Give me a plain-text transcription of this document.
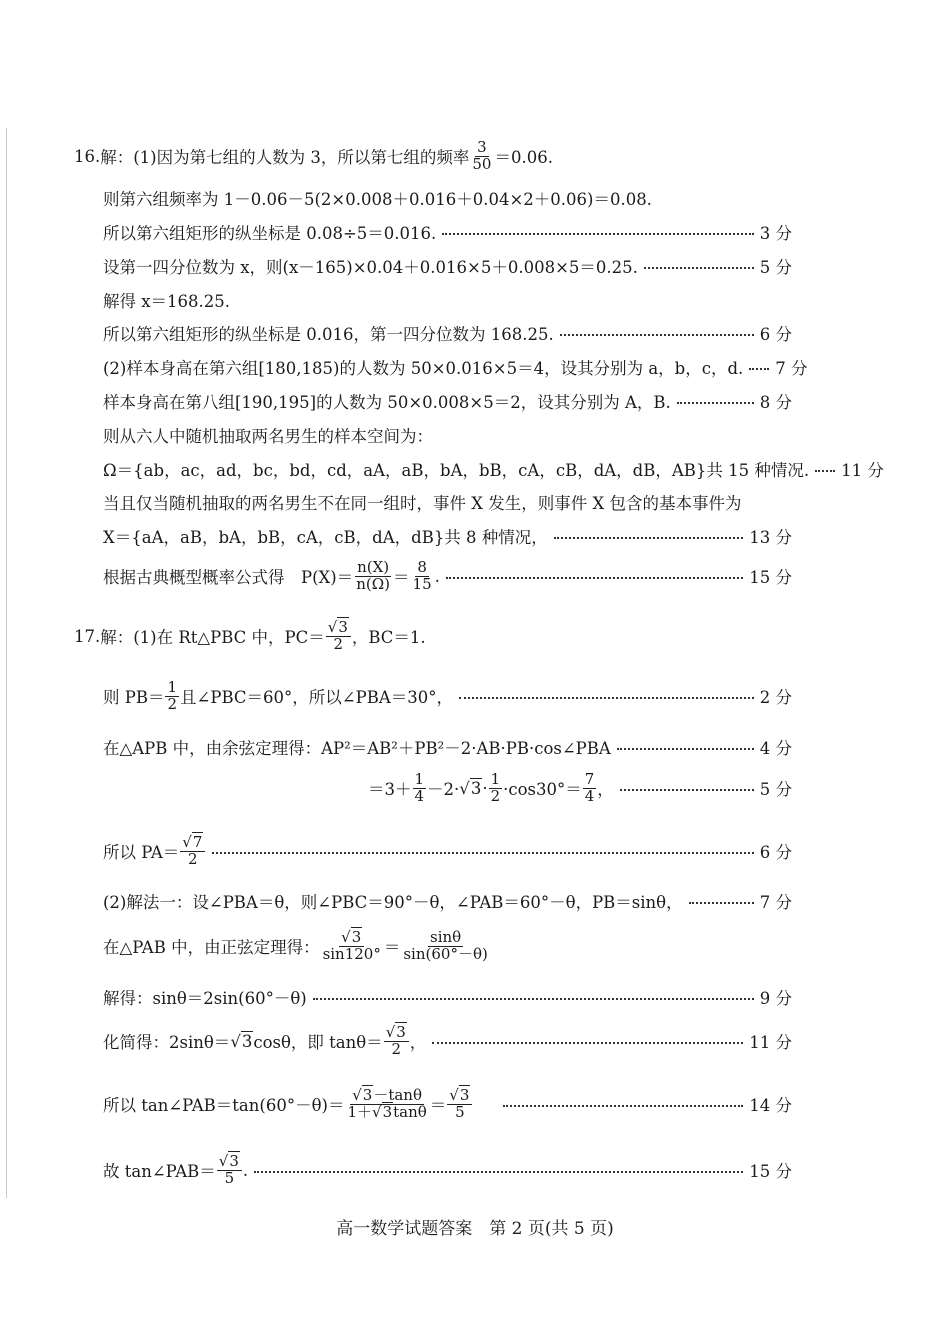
16. 解：(1)因为第七组的人数为 3，所以第七组的频率 $\frac{3}{50} =0.06$.
则第六组频率为 1－0.06－5(2×0.008＋0.016＋0.04×2＋0.06)＝0.08.
所以第六组矩形的纵坐标是 0.08÷5＝0.016.	3 分
设第一四分位数为 x，则(x－165)×0.04＋0.016×5＋0.008×5＝0.25.	5 分
解得 x＝168.25.
所以第六组矩形的纵坐标是 0.016，第一四分位数为 168.25.	6 分
(2)样本身高在第六组[180,185)的人数为 50×0.016×5＝4，设其分别为 a，b，c，d. 7 分
样本身高在第八组[190,195]的人数为 50×0.008×5＝2，设其分别为 A，B.	8 分
则从六人中随机抽取两名男生的样本空间为：
Ω＝{ab，ac，ad，bc，bd，cd，aA，aB，bA，bB，cA，cB，dA，dB，AB}共 15 种情况. 11 分
当且仅当随机抽取的两名男生不在同一组时，事件 X 发生，则事件 X 包含的基本事件为
X＝{aA，aB，bA，bB，cA，cB，dA，dB}共 8 种情况，	13 分
根据古典概型概率公式得　$P(X)= \frac{n(X)}{n(\Omega)} = \frac{8}{15}$ .	15 分
17. 解：(1)在 Rt△PBC 中，$PC= \frac{√3}{2}$ ，BC＝1.
则 $PB= \frac{1}{2}$ 且∠PBC＝60°，所以∠PBA＝30°，	2 分
在△APB 中，由余弦定理得：AP²＝AB²＋PB²－2·AB·PB·cos∠PBA	4 分
$=3+ \frac{1}{4} -2\cdot √3 \cdot \frac{1}{2} \cdot\cos 30^\circ= \frac{7}{4}$ ，	5 分
所以 $PA= \frac{√7}{2}$	6 分
(2)解法一：设∠PBA＝θ，则∠PBC＝90°－θ，∠PAB＝60°－θ，PB＝sinθ，	7 分
在△PAB 中，由正弦定理得： $\frac{√3}{\sin 120^\circ} = \frac{\sin\theta}{\sin(60^\circ-\theta)}$
解得：sinθ＝2sin(60°－θ)	9 分
化简得：2sinθ＝ √3 cosθ，即 $\tan\theta= \frac{√3}{2}$ ，	11 分
所以 tan∠PAB＝tan(60°－θ)＝ $\frac{√3-\tan\theta}{1+√3\tan\theta} = \frac{√3}{5}$	14 分
故 tan∠PAB＝ $\frac{√3}{5}$ .	15 分
高一数学试题答案　第 2 页(共 5 页)
